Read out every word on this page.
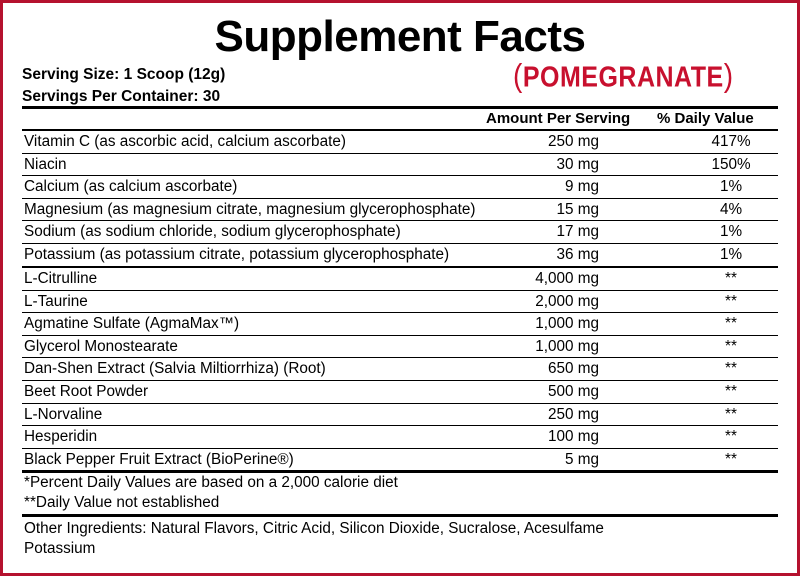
Supplement Facts
Serving Size: 1 Scoop (12g)
Servings Per Container: 30
(POMEGRANATE)
Amount Per Serving % Daily Value
Vitamin C (as ascorbic acid, calcium ascorbate)	250 mg	417%
Niacin	30 mg	150%
Calcium (as calcium ascorbate)	9 mg	1%
Magnesium (as magnesium citrate, magnesium glycerophosphate)	15 mg	4%
Sodium (as sodium chloride, sodium glycerophosphate)	17 mg	1%
Potassium (as potassium citrate, potassium glycerophosphate)	36 mg	1%
L-Citrulline	4,000 mg	**
L-Taurine	2,000 mg	**
Agmatine Sulfate (AgmaMax™)	1,000 mg	**
Glycerol Monostearate	1,000 mg	**
Dan-Shen Extract (Salvia Miltiorrhiza) (Root)	650 mg	**
Beet Root Powder	500 mg	**
L-Norvaline	250 mg	**
Hesperidin	100 mg	**
Black Pepper Fruit Extract (BioPerine®)	5 mg	**
*Percent Daily Values are based on a 2,000 calorie diet
**Daily Value not established
Other Ingredients: Natural Flavors, Citric Acid, Silicon Dioxide, Sucralose, Acesulfame
Potassium
